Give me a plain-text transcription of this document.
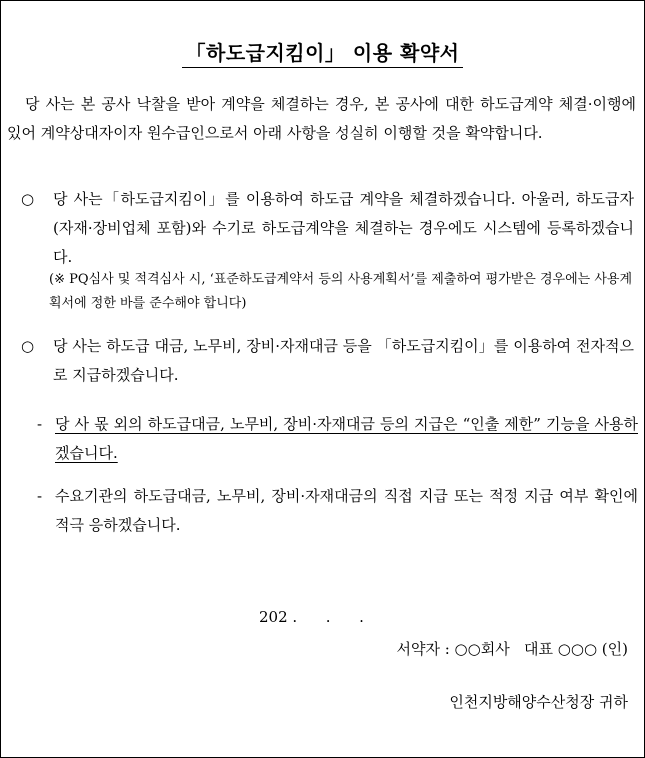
「하도급지킴이」 이용 확약서
당 사는 본 공사 낙찰을 받아 계약을 체결하는 경우, 본 공사에 대한 하도급계약 체결·이행에 있어 계약상대자이자 원수급인으로서 아래 사항을 성실히 이행할 것을 확약합니다.
○	당 사는「하도급지킴이」를 이용하여 하도급 계약을 체결하겠습니다. 아울러, 하도급자(자재·장비업체 포함)와 수기로 하도급계약을 체결하는 경우에도 시스템에 등록하겠습니다.
(※ PQ심사 및 적격심사 시, ‘표준하도급계약서 등의 사용계획서’를 제출하여 평가받은 경우에는 사용계획서에 정한 바를 준수해야 합니다)
○	당 사는 하도급 대금, 노무비, 장비·자재대금 등을 「하도급지킴이」를 이용하여 전자적으로 지급하겠습니다.
- 당 사 몫 외의 하도급대금, 노무비, 장비·자재대금 등의 지급은 “인출 제한” 기능을 사용하겠습니다.
- 수요기관의 하도급대금, 노무비, 장비·자재대금의 직접 지급 또는 적정 지급 여부 확인에 적극 응하겠습니다.
202 .      .      .
서약자 : ○○회사   대표 ○○○ (인)
인천지방해양수산청장 귀하
